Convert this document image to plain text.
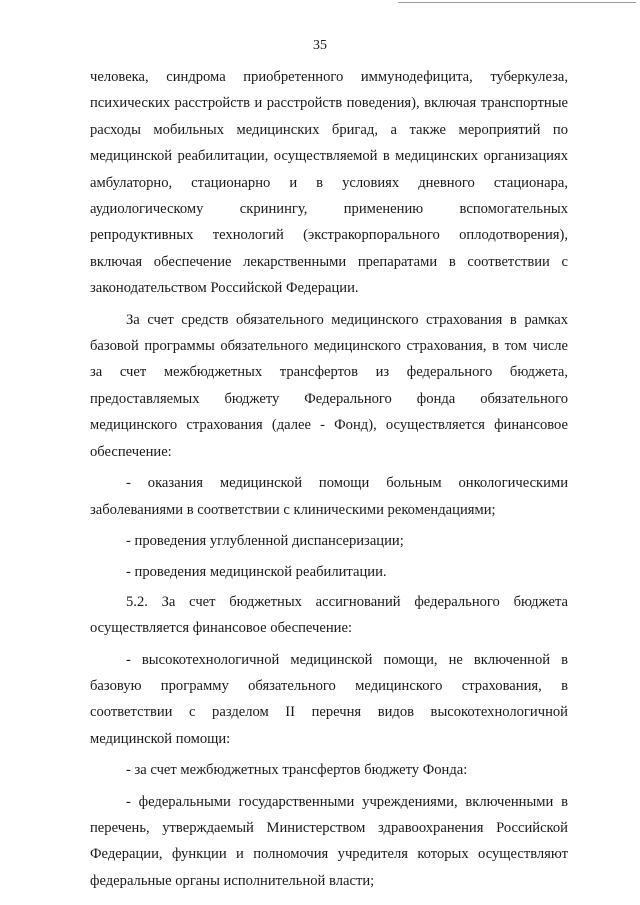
35

человека, синдрома приобретенного иммунодефицита, туберкулеза, психических расстройств и расстройств поведения), включая транспортные расходы мобильных медицинских бригад, а также мероприятий по медицинской реабилитации, осуществляемой в медицинских организациях амбулаторно, стационарно и в условиях дневного стационара, аудиологическому скринингу, применению вспомогательных репродуктивных технологий (экстракорпорального оплодотворения), включая обеспечение лекарственными препаратами в соответствии с законодательством Российской Федерации.

За счет средств обязательного медицинского страхования в рамках базовой программы обязательного медицинского страхования, в том числе за счет межбюджетных трансфертов из федерального бюджета, предоставляемых бюджету Федерального фонда обязательного медицинского страхования (далее - Фонд), осуществляется финансовое обеспечение:

- оказания медицинской помощи больным онкологическими заболеваниями в соответствии с клиническими рекомендациями;

- проведения углубленной диспансеризации;

- проведения медицинской реабилитации.

5.2. За счет бюджетных ассигнований федерального бюджета осуществляется финансовое обеспечение:

- высокотехнологичной медицинской помощи, не включенной в базовую программу обязательного медицинского страхования, в соответствии с разделом II перечня видов высокотехнологичной медицинской помощи:

- за счет межбюджетных трансфертов бюджету Фонда:

- федеральными государственными учреждениями, включенными в перечень, утверждаемый Министерством здравоохранения Российской Федерации, функции и полномочия учредителя которых осуществляют федеральные органы исполнительной власти;
